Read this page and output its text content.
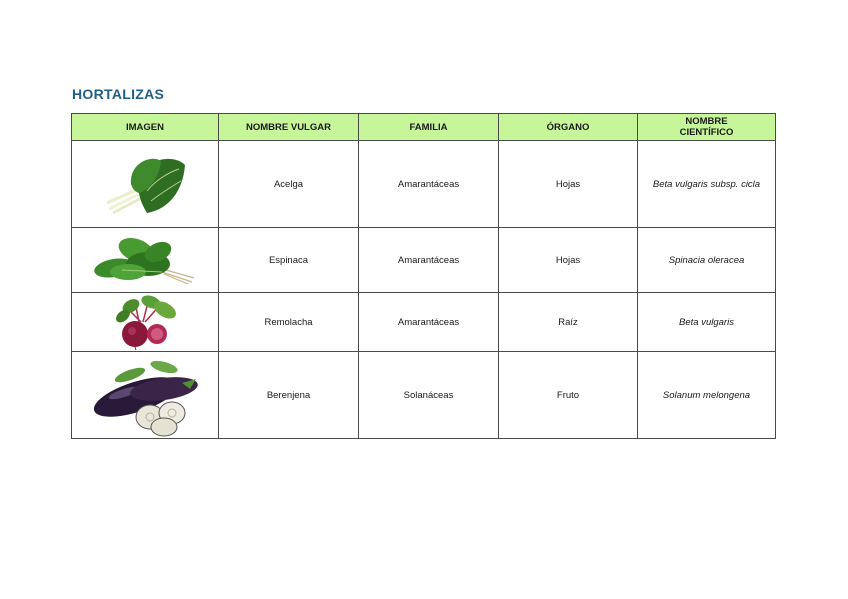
HORTALIZAS
IMAGEN	NOMBRE VULGAR	FAMILIA	ÓRGANO	NOMBRE CIENTÍFICO

	Acelga	Amarantáceas	Hojas	Beta vulgaris subsp. cicla

	Espinaca	Amarantáceas	Hojas	Spinacia oleracea

	Remolacha	Amarantáceas	Raíz	Beta vulgaris

	Berenjena	Solanáceas	Fruto	Solanum melongena
